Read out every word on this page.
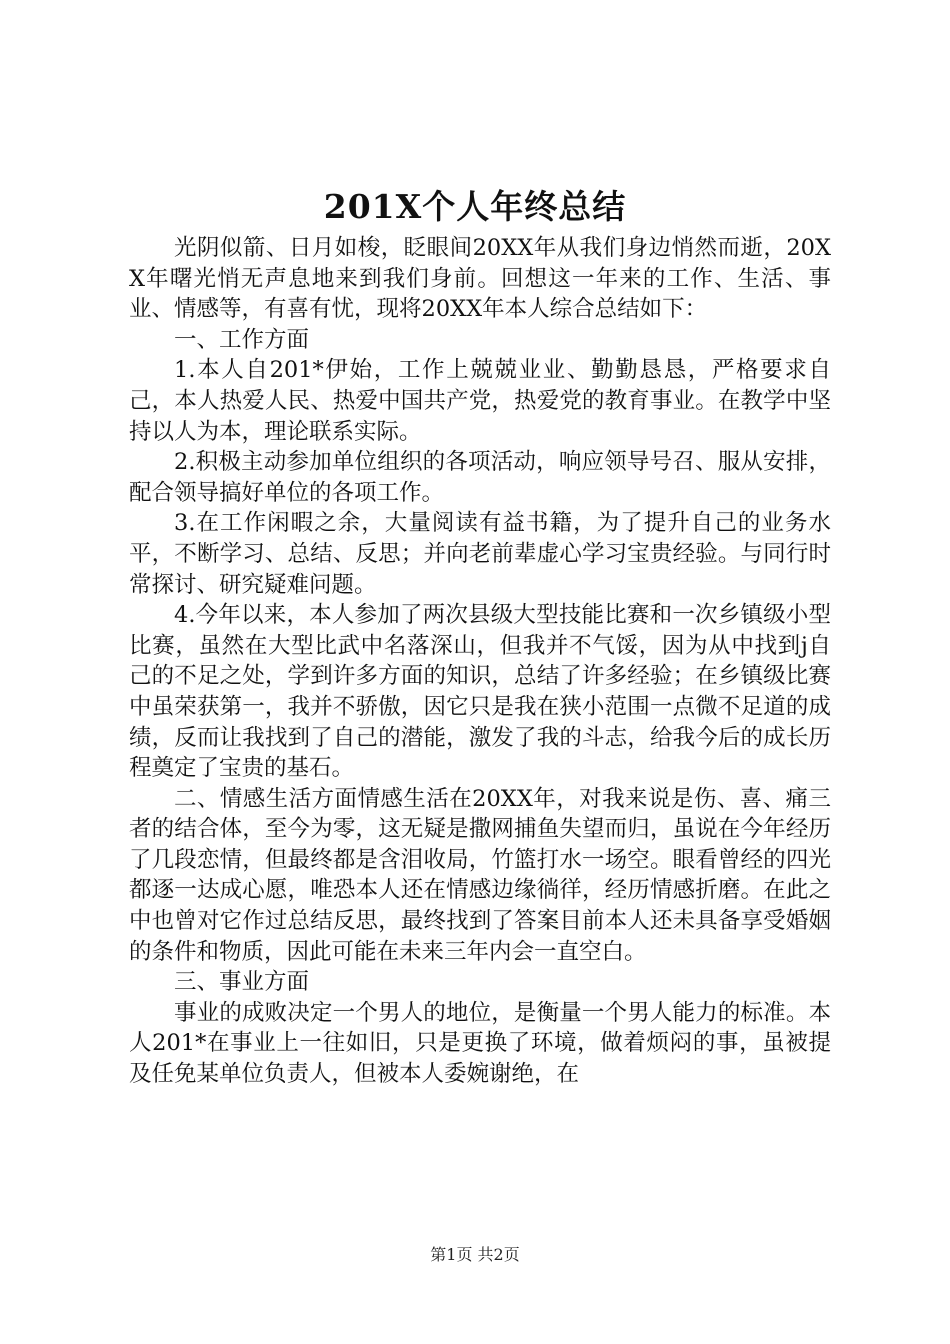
201X个人年终总结

光阴似箭、日月如梭，眨眼间20XX年从我们身边悄然而逝，20XX年曙光悄无声息地来到我们身前。回想这一年来的工作、生活、事业、情感等，有喜有忧，现将20XX年本人综合总结如下：

一、工作方面

1.本人自201*伊始，工作上兢兢业业、勤勤恳恳，严格要求自己，本人热爱人民、热爱中国共产党，热爱党的教育事业。在教学中坚持以人为本，理论联系实际。

2.积极主动参加单位组织的各项活动，响应领导号召、服从安排，配合领导搞好单位的各项工作。

3.在工作闲暇之余，大量阅读有益书籍，为了提升自己的业务水平，不断学习、总结、反思；并向老前辈虚心学习宝贵经验。与同行时常探讨、研究疑难问题。

4.今年以来，本人参加了两次县级大型技能比赛和一次乡镇级小型比赛，虽然在大型比武中名落深山，但我并不气馁，因为从中找到j自己的不足之处，学到许多方面的知识，总结了许多经验；在乡镇级比赛中虽荣获第一，我并不骄傲，因它只是我在狭小范围一点微不足道的成绩，反而让我找到了自己的潜能，激发了我的斗志，给我今后的成长历程奠定了宝贵的基石。

二、情感生活方面情感生活在20XX年，对我来说是伤、喜、痛三者的结合体，至今为零，这无疑是撒网捕鱼失望而归，虽说在今年经历了几段恋情，但最终都是含泪收局，竹篮打水一场空。眼看曾经的四光都逐一达成心愿，唯恐本人还在情感边缘徜徉，经历情感折磨。在此之中也曾对它作过总结反思，最终找到了答案目前本人还未具备享受婚姻的条件和物质，因此可能在未来三年内会一直空白。

三、事业方面

事业的成败决定一个男人的地位，是衡量一个男人能力的标准。本人201*在事业上一往如旧，只是更换了环境，做着烦闷的事，虽被提及任免某单位负责人，但被本人委婉谢绝，在

第1页 共2页
